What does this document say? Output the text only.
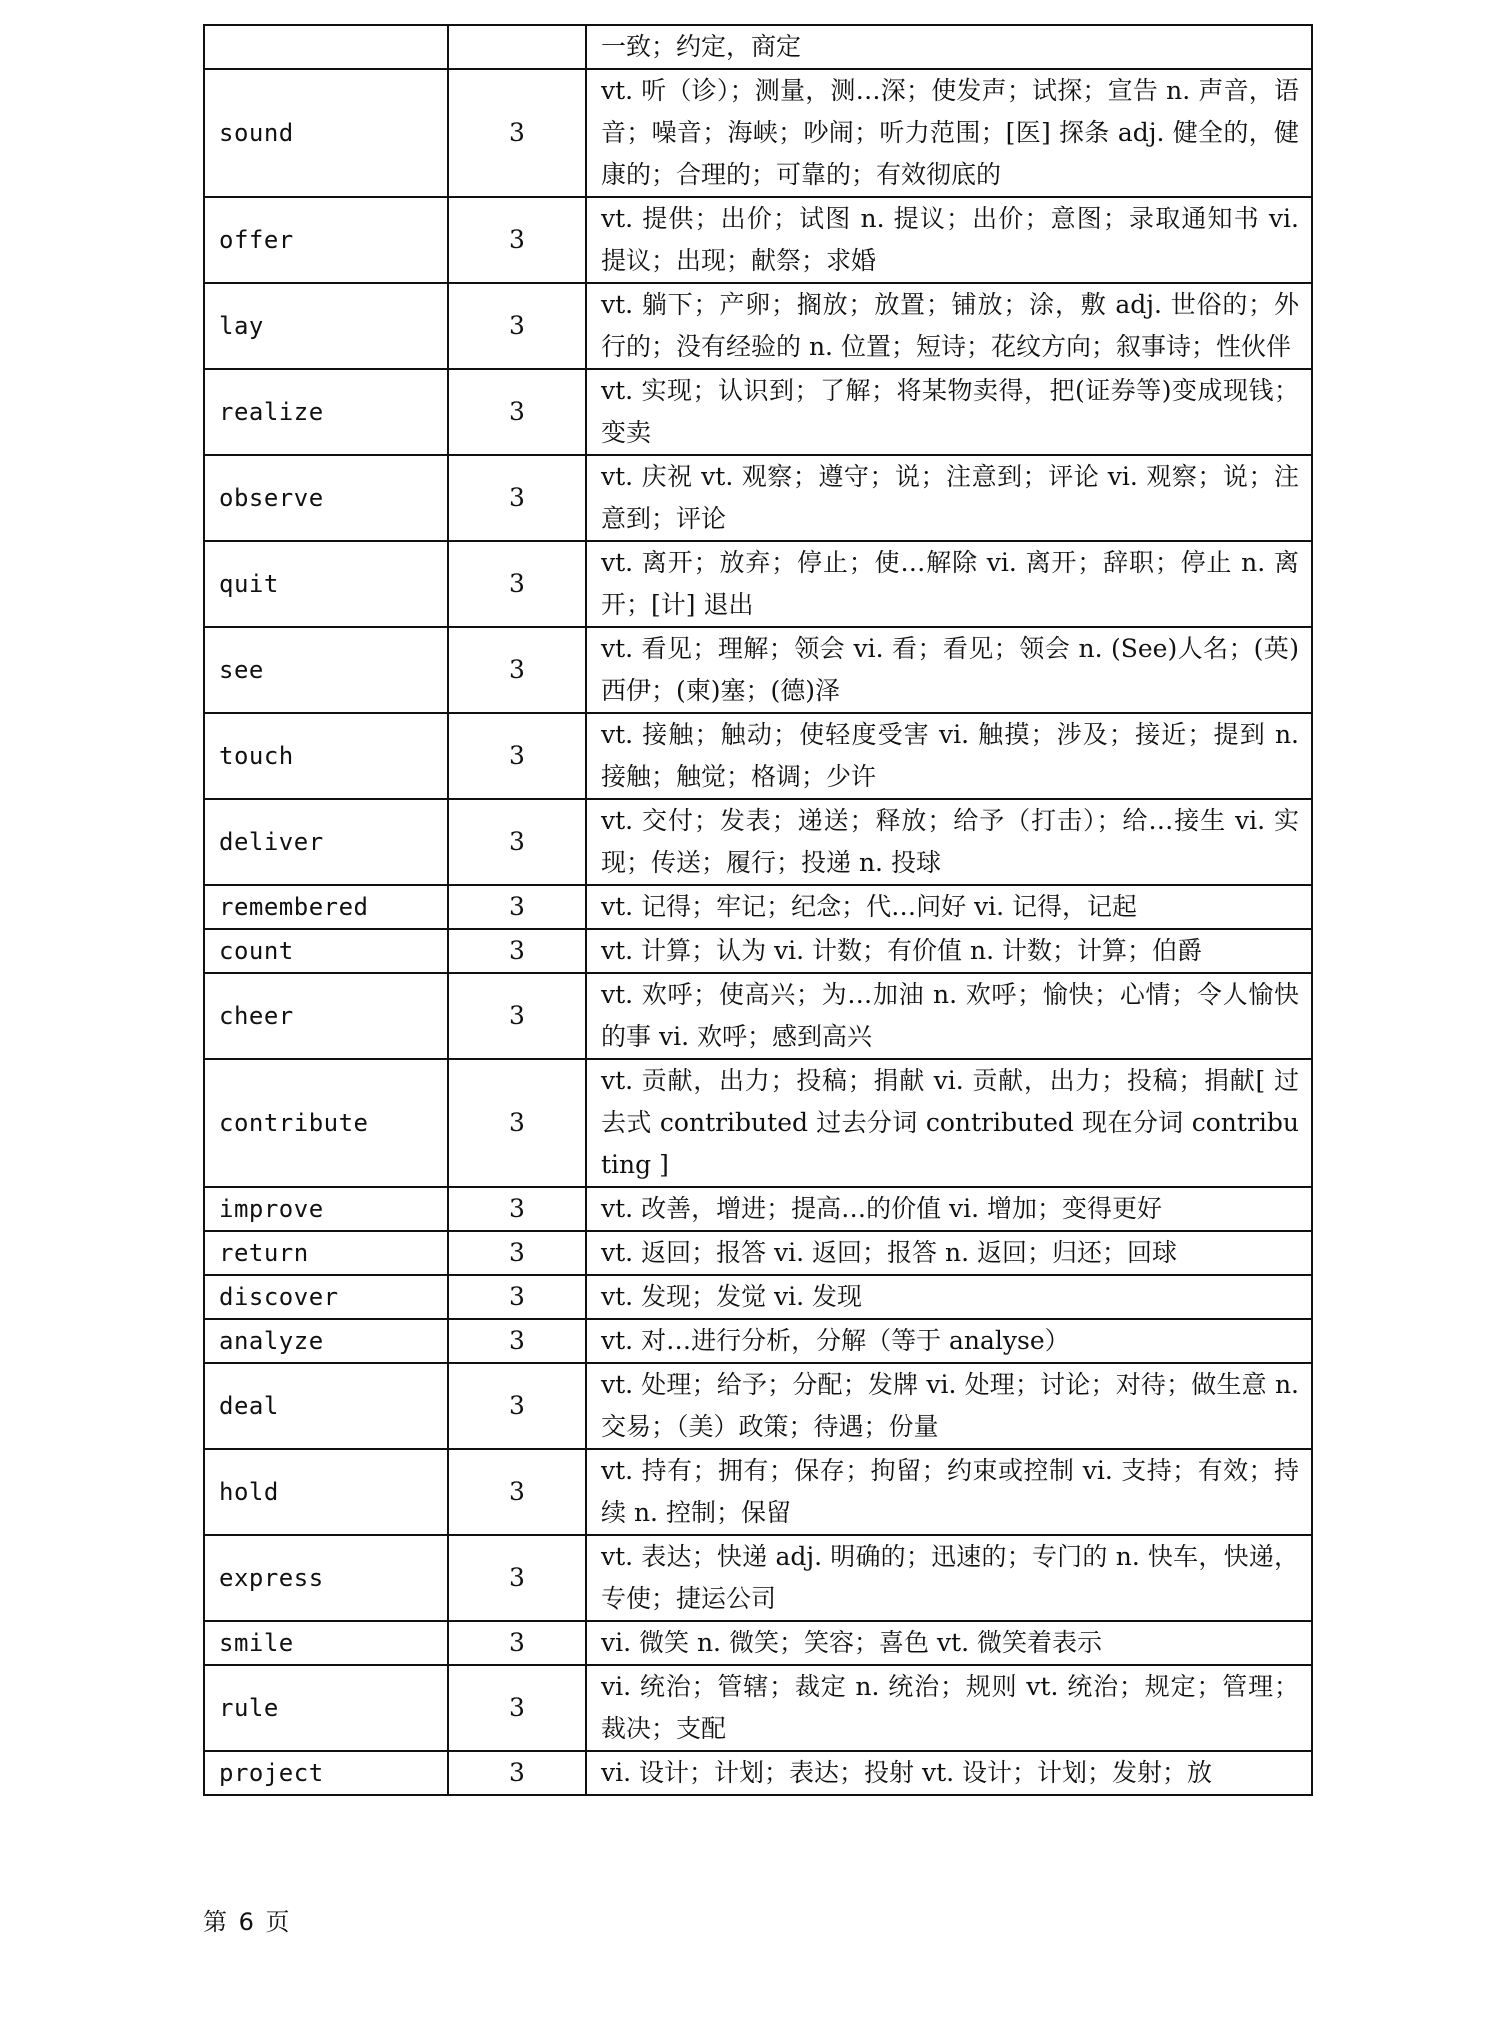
		一致；约定，商定
sound	3	vt. 听（诊）；测量，测…深；使发声；试探；宣告 n. 声音，语音；噪音；海峡；吵闹；听力范围；[医] 探条 adj. 健全的，健康的；合理的；可靠的；有效彻底的
offer	3	vt. 提供；出价；试图 n. 提议；出价；意图；录取通知书 vi. 提议；出现；献祭；求婚
lay	3	vt. 躺下；产卵；搁放；放置；铺放；涂，敷 adj. 世俗的；外行的；没有经验的 n. 位置；短诗；花纹方向；叙事诗；性伙伴
realize	3	vt. 实现；认识到；了解；将某物卖得，把(证券等)变成现钱；变卖
observe	3	vt. 庆祝 vt. 观察；遵守；说；注意到；评论 vi. 观察；说；注意到；评论
quit	3	vt. 离开；放弃；停止；使…解除 vi. 离开；辞职；停止 n. 离开；[计] 退出
see	3	vt. 看见；理解；领会 vi. 看；看见；领会 n. (See)人名；(英)西伊；(柬)塞；(德)泽
touch	3	vt. 接触；触动；使轻度受害 vi. 触摸；涉及；接近；提到 n. 接触；触觉；格调；少许
deliver	3	vt. 交付；发表；递送；释放；给予（打击）；给…接生 vi. 实现；传送；履行；投递 n. 投球
remembered	3	vt. 记得；牢记；纪念；代…问好 vi. 记得，记起
count	3	vt. 计算；认为 vi. 计数；有价值 n. 计数；计算；伯爵
cheer	3	vt. 欢呼；使高兴；为…加油 n. 欢呼；愉快；心情；令人愉快的事 vi. 欢呼；感到高兴
contribute	3	vt. 贡献，出力；投稿；捐献 vi. 贡献，出力；投稿；捐献[ 过去式 contributed 过去分词 contributed 现在分词 contributing ]
improve	3	vt. 改善，增进；提高…的价值 vi. 增加；变得更好
return	3	vt. 返回；报答 vi. 返回；报答 n. 返回；归还；回球
discover	3	vt. 发现；发觉 vi. 发现
analyze	3	vt. 对…进行分析，分解（等于 analyse）
deal	3	vt. 处理；给予；分配；发牌 vi. 处理；讨论；对待；做生意 n. 交易；（美）政策；待遇；份量
hold	3	vt. 持有；拥有；保存；拘留；约束或控制 vi. 支持；有效；持续 n. 控制；保留
express	3	vt. 表达；快递 adj. 明确的；迅速的；专门的 n. 快车，快递，专使；捷运公司
smile	3	vi. 微笑 n. 微笑；笑容；喜色 vt. 微笑着表示
rule	3	vi. 统治；管辖；裁定 n. 统治；规则 vt. 统治；规定；管理；裁决；支配
project	3	vi. 设计；计划；表达；投射 vt. 设计；计划；发射；放
第 6 页
